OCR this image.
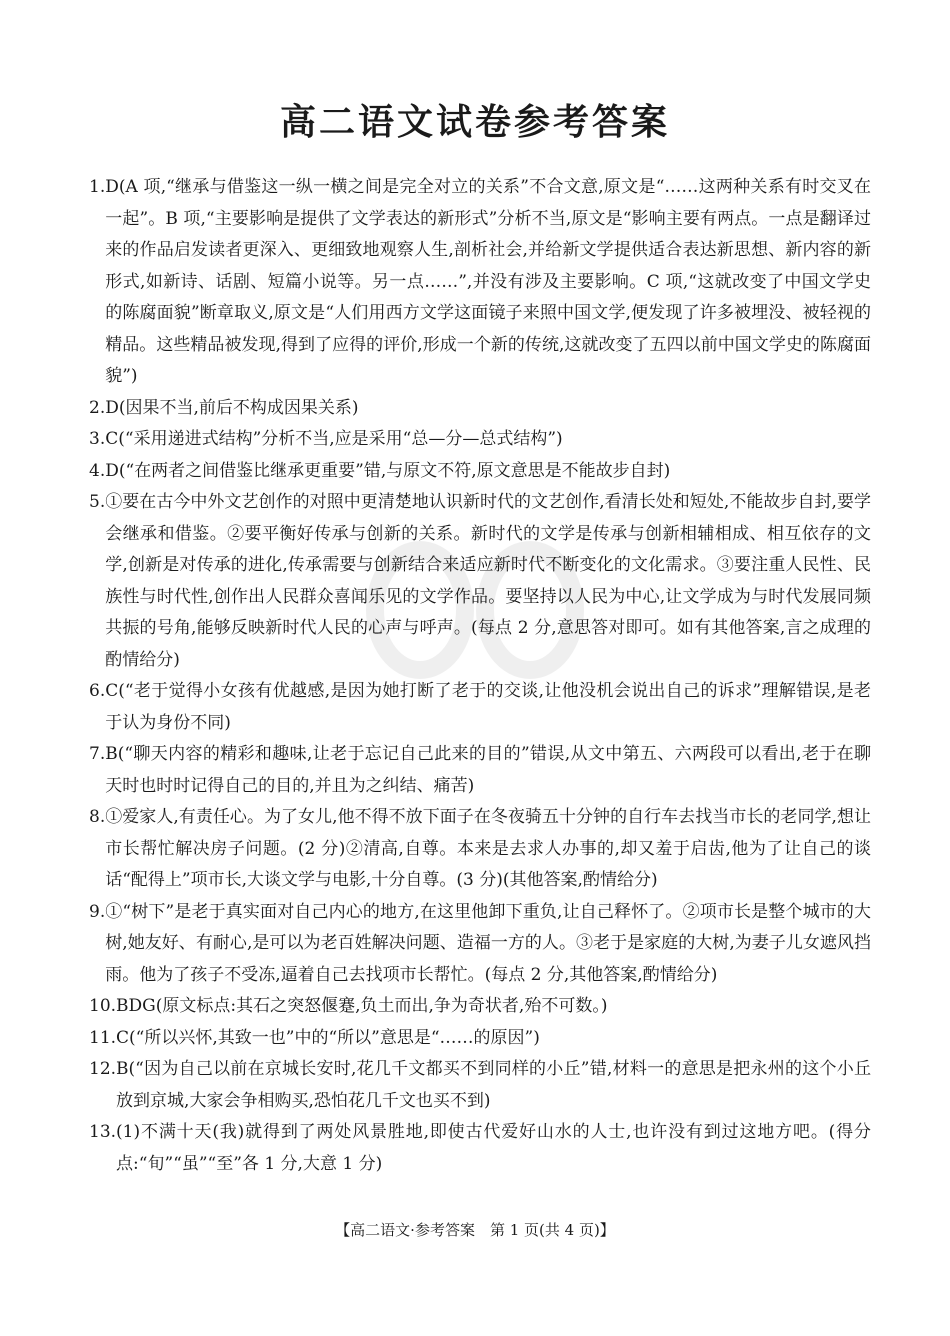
高二语文试卷参考答案
1. D(A 项,“继承与借鉴这一纵一横之间是完全对立的关系”不合文意,原文是“……这两种关系有时交叉在一起”。B 项,“主要影响是提供了文学表达的新形式”分析不当,原文是“影响主要有两点。一点是翻译过来的作品启发读者更深入、更细致地观察人生,剖析社会,并给新文学提供适合表达新思想、新内容的新形式,如新诗、话剧、短篇小说等。另一点……”,并没有涉及主要影响。C 项,“这就改变了中国文学史的陈腐面貌”断章取义,原文是“人们用西方文学这面镜子来照中国文学,便发现了许多被埋没、被轻视的精品。这些精品被发现,得到了应得的评价,形成一个新的传统,这就改变了五四以前中国文学史的陈腐面貌”)
2. D(因果不当,前后不构成因果关系)
3. C(“采用递进式结构”分析不当,应是采用“总—分—总式结构”)
4. D(“在两者之间借鉴比继承更重要”错,与原文不符,原文意思是不能故步自封)
5. ①要在古今中外文艺创作的对照中更清楚地认识新时代的文艺创作,看清长处和短处,不能故步自封,要学会继承和借鉴。②要平衡好传承与创新的关系。新时代的文学是传承与创新相辅相成、相互依存的文学,创新是对传承的进化,传承需要与创新结合来适应新时代不断变化的文化需求。③要注重人民性、民族性与时代性,创作出人民群众喜闻乐见的文学作品。要坚持以人民为中心,让文学成为与时代发展同频共振的号角,能够反映新时代人民的心声与呼声。(每点 2 分,意思答对即可。如有其他答案,言之成理的酌情给分)
6. C(“老于觉得小女孩有优越感,是因为她打断了老于的交谈,让他没机会说出自己的诉求”理解错误,是老于认为身份不同)
7. B(“聊天内容的精彩和趣味,让老于忘记自己此来的目的”错误,从文中第五、六两段可以看出,老于在聊天时也时时记得自己的目的,并且为之纠结、痛苦)
8. ①爱家人,有责任心。为了女儿,他不得不放下面子在冬夜骑五十分钟的自行车去找当市长的老同学,想让市长帮忙解决房子问题。(2 分)②清高,自尊。本来是去求人办事的,却又羞于启齿,他为了让自己的谈话“配得上”项市长,大谈文学与电影,十分自尊。(3 分)(其他答案,酌情给分)
9. ①“树下”是老于真实面对自己内心的地方,在这里他卸下重负,让自己释怀了。②项市长是整个城市的大树,她友好、有耐心,是可以为老百姓解决问题、造福一方的人。③老于是家庭的大树,为妻子儿女遮风挡雨。他为了孩子不受冻,逼着自己去找项市长帮忙。(每点 2 分,其他答案,酌情给分)
10. BDG(原文标点:其石之突怒偃蹇,负土而出,争为奇状者,殆不可数。)
11. C(“所以兴怀,其致一也”中的“所以”意思是“……的原因”)
12. B(“因为自己以前在京城长安时,花几千文都买不到同样的小丘”错,材料一的意思是把永州的这个小丘放到京城,大家会争相购买,恐怕花几千文也买不到)
13. (1)不满十天(我)就得到了两处风景胜地,即使古代爱好山水的人士,也许没有到过这地方吧。(得分点:“旬”“虽”“至”各 1 分,大意 1 分)
【高二语文·参考答案　第 1 页(共 4 页)】
